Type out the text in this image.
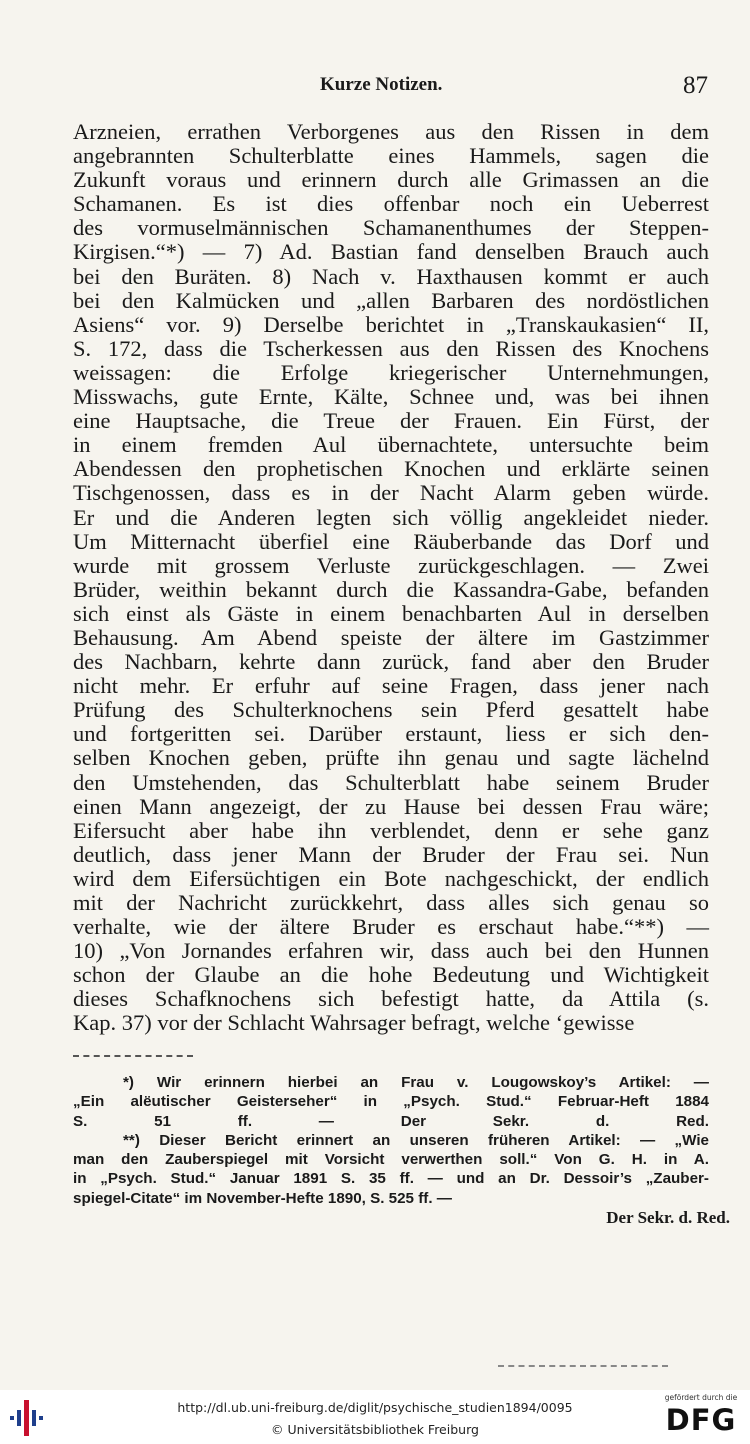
Kurze Notizen.	87
Arzneien, errathen Verborgenes aus den Rissen in dem
angebrannten Schulterblatte eines Hammels, sagen die
Zukunft voraus und erinnern durch alle Grimassen an die
Schamanen. Es ist dies offenbar noch ein Ueberrest
des vormuselmännischen Schamanenthumes der Steppen-
Kirgisen.“*) — 7) Ad. Bastian fand denselben Brauch auch
bei den Buräten. 8) Nach v. Haxthausen kommt er auch
bei den Kalmücken und „allen Barbaren des nordöstlichen
Asiens“ vor. 9) Derselbe berichtet in „Transkaukasien“ II,
S. 172, dass die Tscherkessen aus den Rissen des Knochens
weissagen: die Erfolge kriegerischer Unternehmungen,
Misswachs, gute Ernte, Kälte, Schnee und, was bei ihnen
eine Hauptsache, die Treue der Frauen. Ein Fürst, der
in einem fremden Aul übernachtete, untersuchte beim
Abendessen den prophetischen Knochen und erklärte seinen
Tischgenossen, dass es in der Nacht Alarm geben würde.
Er und die Anderen legten sich völlig angekleidet nieder.
Um Mitternacht überfiel eine Räuberbande das Dorf und
wurde mit grossem Verluste zurückgeschlagen. — Zwei
Brüder, weithin bekannt durch die Kassandra-Gabe, befanden
sich einst als Gäste in einem benachbarten Aul in derselben
Behausung. Am Abend speiste der ältere im Gastzimmer
des Nachbarn, kehrte dann zurück, fand aber den Bruder
nicht mehr. Er erfuhr auf seine Fragen, dass jener nach
Prüfung des Schulterknochens sein Pferd gesattelt habe
und fortgeritten sei. Darüber erstaunt, liess er sich den-
selben Knochen geben, prüfte ihn genau und sagte lächelnd
den Umstehenden, das Schulterblatt habe seinem Bruder
einen Mann angezeigt, der zu Hause bei dessen Frau wäre;
Eifersucht aber habe ihn verblendet, denn er sehe ganz
deutlich, dass jener Mann der Bruder der Frau sei. Nun
wird dem Eifersüchtigen ein Bote nachgeschickt, der endlich
mit der Nachricht zurückkehrt, dass alles sich genau so
verhalte, wie der ältere Bruder es erschaut habe.“**) —
10) „Von Jornandes erfahren wir, dass auch bei den Hunnen
schon der Glaube an die hohe Bedeutung und Wichtigkeit
dieses Schafknochens sich befestigt hatte, da Attila (s.
Kap. 37) vor der Schlacht Wahrsager befragt, welche ‘gewisse
*) Wir erinnern hierbei an Frau v. Lougowskoy’s Artikel: —
„Ein alëutischer Geisterseher“ in „Psych. Stud.“ Februar-Heft 1884
S. 51 ff. — Der Sekr. d. Red.
**) Dieser Bericht erinnert an unseren früheren Artikel: — „Wie
man den Zauberspiegel mit Vorsicht verwerthen soll.“ Von G. H. in A.
in „Psych. Stud.“ Januar 1891 S. 35 ff. — und an Dr. Dessoir’s „Zauber-
spiegel-Citate“ im November-Hefte 1890, S. 525 ff. —
Der Sekr. d. Red.
http://dl.ub.uni-freiburg.de/diglit/psychische_studien1894/0095
© Universitätsbibliothek Freiburg
gefördert durch die
DFG
